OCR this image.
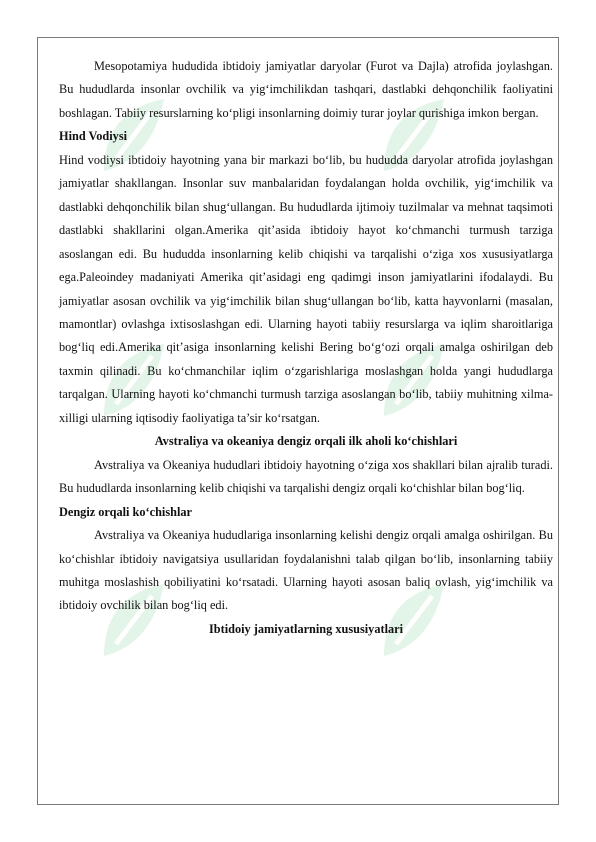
Mesopotamiya hududida ibtidoiy jamiyatlar daryolar (Furot va Dajla) atrofida joylashgan. Bu hududlarda insonlar ovchilik va yig‘imchilikdan tashqari, dastlabki dehqonchilik faoliyatini boshlagan. Tabiiy resurslarning ko‘pligi insonlarning doimiy turar joylar qurishiga imkon bergan.

Hind Vodiysi

Hind vodiysi ibtidoiy hayotning yana bir markazi bo‘lib, bu hududda daryolar atrofida joylashgan jamiyatlar shakllangan. Insonlar suv manbalaridan foydalangan holda ovchilik, yig‘imchilik va dastlabki dehqonchilik bilan shug‘ullangan. Bu hududlarda ijtimoiy tuzilmalar va mehnat taqsimoti dastlabki shakllarini olgan.Amerika qit’asida ibtidoiy hayot ko‘chmanchi turmush tarziga asoslangan edi. Bu hududda insonlarning kelib chiqishi va tarqalishi o‘ziga xos xususiyatlarga ega.Paleoindey madaniyati Amerika qit’asidagi eng qadimgi inson jamiyatlarini ifodalaydi. Bu jamiyatlar asosan ovchilik va yig‘imchilik bilan shug‘ullangan bo‘lib, katta hayvonlarni (masalan, mamontlar) ovlashga ixtisoslashgan edi. Ularning hayoti tabiiy resurslarga va iqlim sharoitlariga bog‘liq edi.Amerika qit’asiga insonlarning kelishi Bering bo‘g‘ozi orqali amalga oshirilgan deb taxmin qilinadi. Bu ko‘chmanchilar iqlim o‘zgarishlariga moslashgan holda yangi hududlarga tarqalgan. Ularning hayoti ko‘chmanchi turmush tarziga asoslangan bo‘lib, tabiiy muhitning xilma-xilligi ularning iqtisodiy faoliyatiga ta’sir ko‘rsatgan.

Avstraliya va okeaniya dengiz orqali ilk aholi ko‘chishlari

Avstraliya va Okeaniya hududlari ibtidoiy hayotning o‘ziga xos shakllari bilan ajralib turadi. Bu hududlarda insonlarning kelib chiqishi va tarqalishi dengiz orqali ko‘chishlar bilan bog‘liq.

Dengiz orqali ko‘chishlar

Avstraliya va Okeaniya hududlariga insonlarning kelishi dengiz orqali amalga oshirilgan. Bu ko‘chishlar ibtidoiy navigatsiya usullaridan foydalanishni talab qilgan bo‘lib, insonlarning tabiiy muhitga moslashish qobiliyatini ko‘rsatadi. Ularning hayoti asosan baliq ovlash, yig‘imchilik va ibtidoiy ovchilik bilan bog‘liq edi.

Ibtidoiy jamiyatlarning xususiyatlari
